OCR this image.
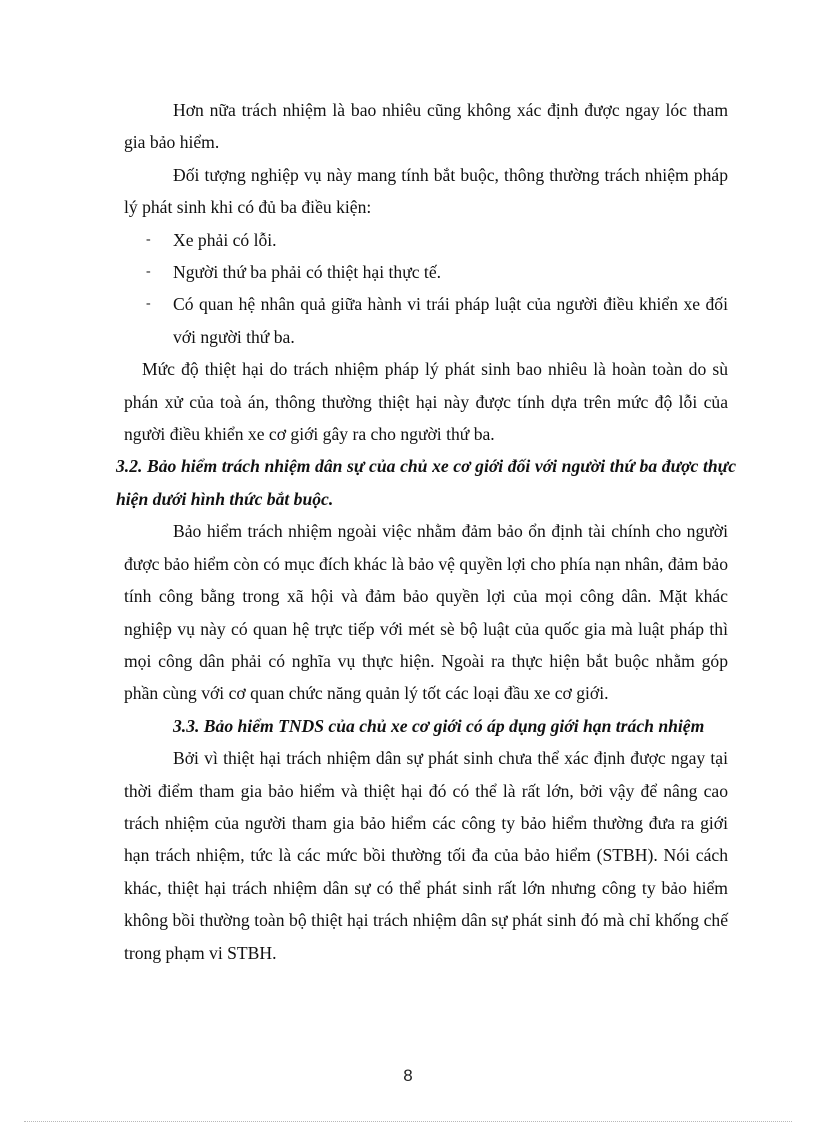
Hơn nữa trách nhiệm là bao nhiêu cũng không xác định được ngay lóc tham gia bảo hiểm.

Đối tượng nghiệp vụ này mang tính bắt buộc, thông thường trách nhiệm pháp lý phát sinh khi có đủ ba điều kiện:

- Xe phải có lỗi.
- Người thứ ba phải có thiệt hại thực tế.
- Có quan hệ nhân quả giữa hành vi trái pháp luật của người điều khiển xe đối với người thứ ba.

Mức độ thiệt hại do trách nhiệm pháp lý phát sinh bao nhiêu là hoàn toàn do sù phán xử của toà án, thông thường thiệt hại này được tính dựa trên mức độ lỗi của người điều khiển xe cơ giới gây ra cho người thứ ba.

3.2. Bảo hiểm trách nhiệm dân sự của chủ xe cơ giới đối với người thứ ba được thực hiện dưới hình thức bắt buộc.

Bảo hiểm trách nhiệm ngoài việc nhằm đảm bảo ổn định tài chính cho người được bảo hiểm còn có mục đích khác là bảo vệ quyền lợi cho phía nạn nhân, đảm bảo tính công bằng trong xã hội và đảm bảo quyền lợi của mọi công dân. Mặt khác nghiệp vụ này có quan hệ trực tiếp với mét sè bộ luật của quốc gia mà luật pháp thì mọi công dân phải có nghĩa vụ thực hiện. Ngoài ra thực hiện bắt buộc nhằm góp phần cùng với cơ quan chức năng quản lý tốt các loại đầu xe cơ giới.

3.3. Bảo hiểm TNDS của chủ xe cơ giới có áp dụng giới hạn trách nhiệm

Bởi vì thiệt hại trách nhiệm dân sự phát sinh chưa thể xác định được ngay tại thời điểm tham gia bảo hiểm và thiệt hại đó có thể là rất lớn, bởi vậy để nâng cao trách nhiệm của người tham gia bảo hiểm các công ty bảo hiểm thường đưa ra giới hạn trách nhiệm, tức là các mức bồi thường tối đa của bảo hiểm (STBH). Nói cách khác, thiệt hại trách nhiệm dân sự có thể phát sinh rất lớn nhưng công ty bảo hiểm không bồi thường toàn bộ thiệt hại trách nhiệm dân sự phát sinh đó mà chỉ khống chế trong phạm vi STBH.

8
